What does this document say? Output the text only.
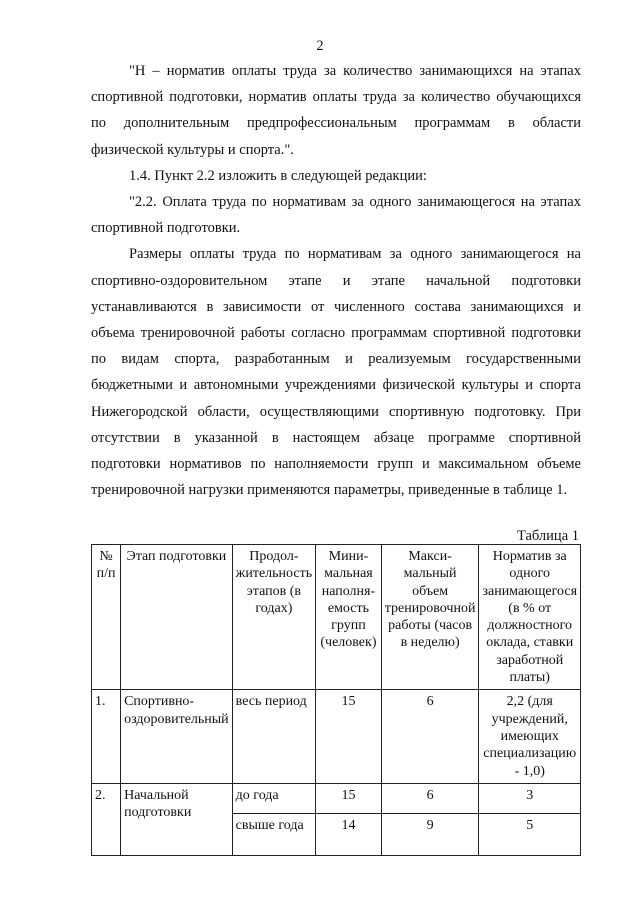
2

"Н – норматив оплаты труда за количество занимающихся на этапах спортивной подготовки, норматив оплаты труда за количество обучающихся по дополнительным предпрофессиональным программам в области физической культуры и спорта.".

1.4. Пункт 2.2 изложить в следующей редакции:

"2.2. Оплата труда по нормативам за одного занимающегося на этапах спортивной подготовки.

Размеры оплаты труда по нормативам за одного занимающегося на спортивно-оздоровительном этапе и этапе начальной подготовки устанавливаются в зависимости от численного состава занимающихся и объема тренировочной работы согласно программам спортивной подготовки по видам спорта, разработанным и реализуемым государственными бюджетными и автономными учреждениями физической культуры и спорта Нижегородской области, осуществляющими спортивную подготовку. При отсутствии в указанной в настоящем абзаце программе спортивной подготовки нормативов по наполняемости групп и максимальном объеме тренировочной нагрузки применяются параметры, приведенные в таблице 1.

Таблица 1
№ п/п	Этап подготовки	Продол-жительность этапов (в годах)	Мини-мальная наполня-емость групп (человек)	Макси-мальный объем тренировочной работы (часов в неделю)	Норматив за одного занимающегося (в % от должностного оклада, ставки заработной платы)
1.	Спортивно-оздоровительный	весь период	15	6	2,2 (для учреждений, имеющих специализацию - 1,0)
2.	Начальной подготовки	до года	15	6	3
		свыше года	14	9	5
